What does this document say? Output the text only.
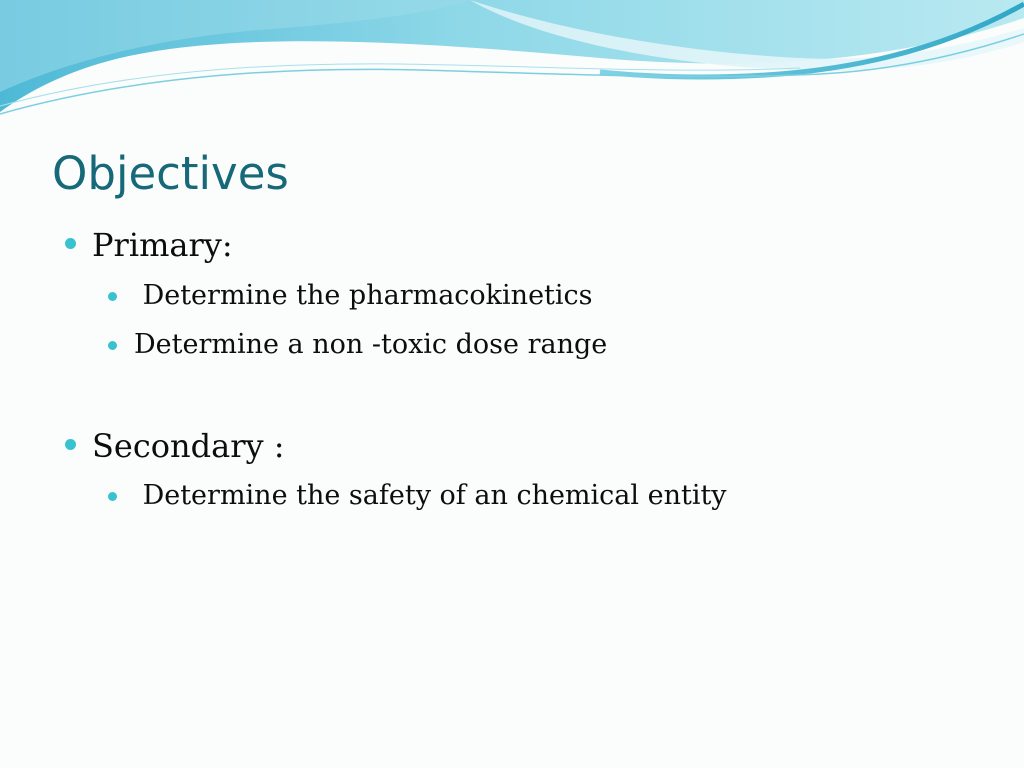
Objectives
Primary:
Determine the pharmacokinetics
Determine a non -toxic dose range
Secondary :
Determine the safety of an chemical entity
